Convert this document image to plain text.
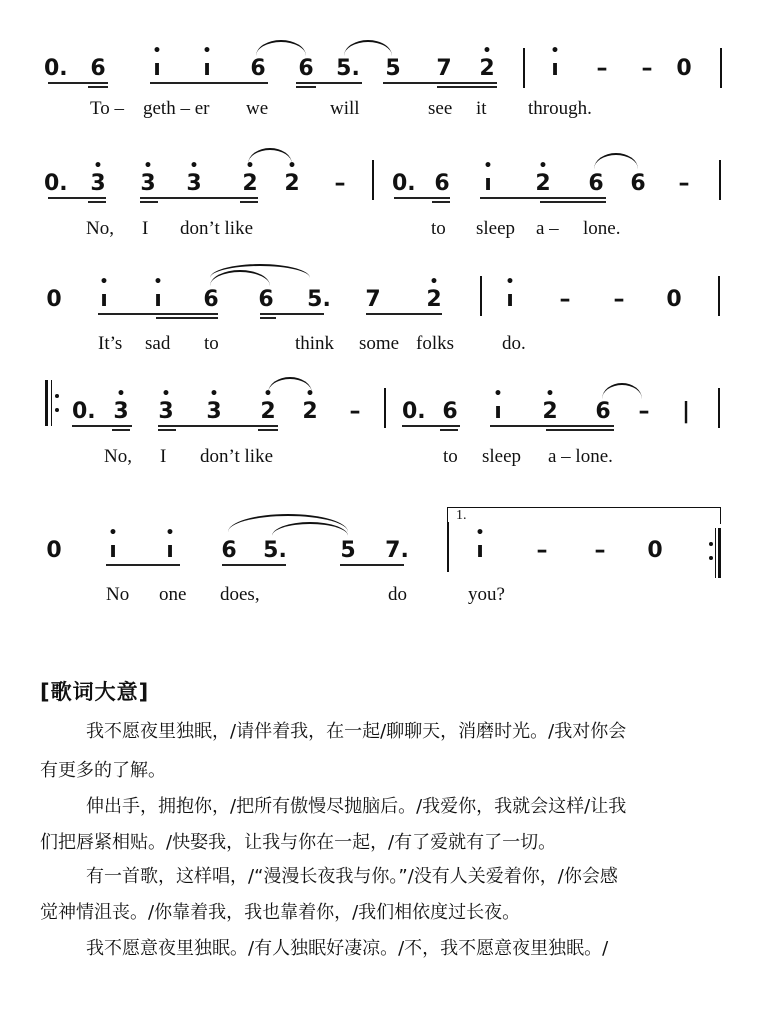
0. 6
•
ı
•
ı 6 6 5. 5 7
•
2
•
ı – – 0
To – geth – er we	will	see it through.
0.
•
3
•
3
•
3
•
2
•
2 – 0. 6
•
ı
•
2 6 6 –
No, I don’t like	to sleep a – lone.
0
•
ı
•
ı 6 6 5. 7
•
2
•
ı – – 0
It’s sad to	think some folks	do.
0.
•
3
•
3
•
3
•
2
•
2 – 0. 6
•
ı
•
2 6 – |
No, I don’t like	to sleep a – lone.
0
•
ı
•
ı 6 5. 5 7.
1.
•
ı – – 0
No one does,	do	you?
[歌词大意]
我不愿夜里独眠，/请伴着我，在一起/聊聊天，消磨时光。/我对你会
有更多的了解。
伸出手，拥抱你，/把所有傲慢尽抛脑后。/我爱你，我就会这样/让我
们把唇紧相贴。/快娶我，让我与你在一起，/有了爱就有了一切。
有一首歌，这样唱，/“漫漫长夜我与你。”/没有人关爱着你，/你会感
觉神情沮丧。/你靠着我，我也靠着你，/我们相依度过长夜。
我不愿意夜里独眠。/有人独眠好凄凉。/不，我不愿意夜里独眠。/
